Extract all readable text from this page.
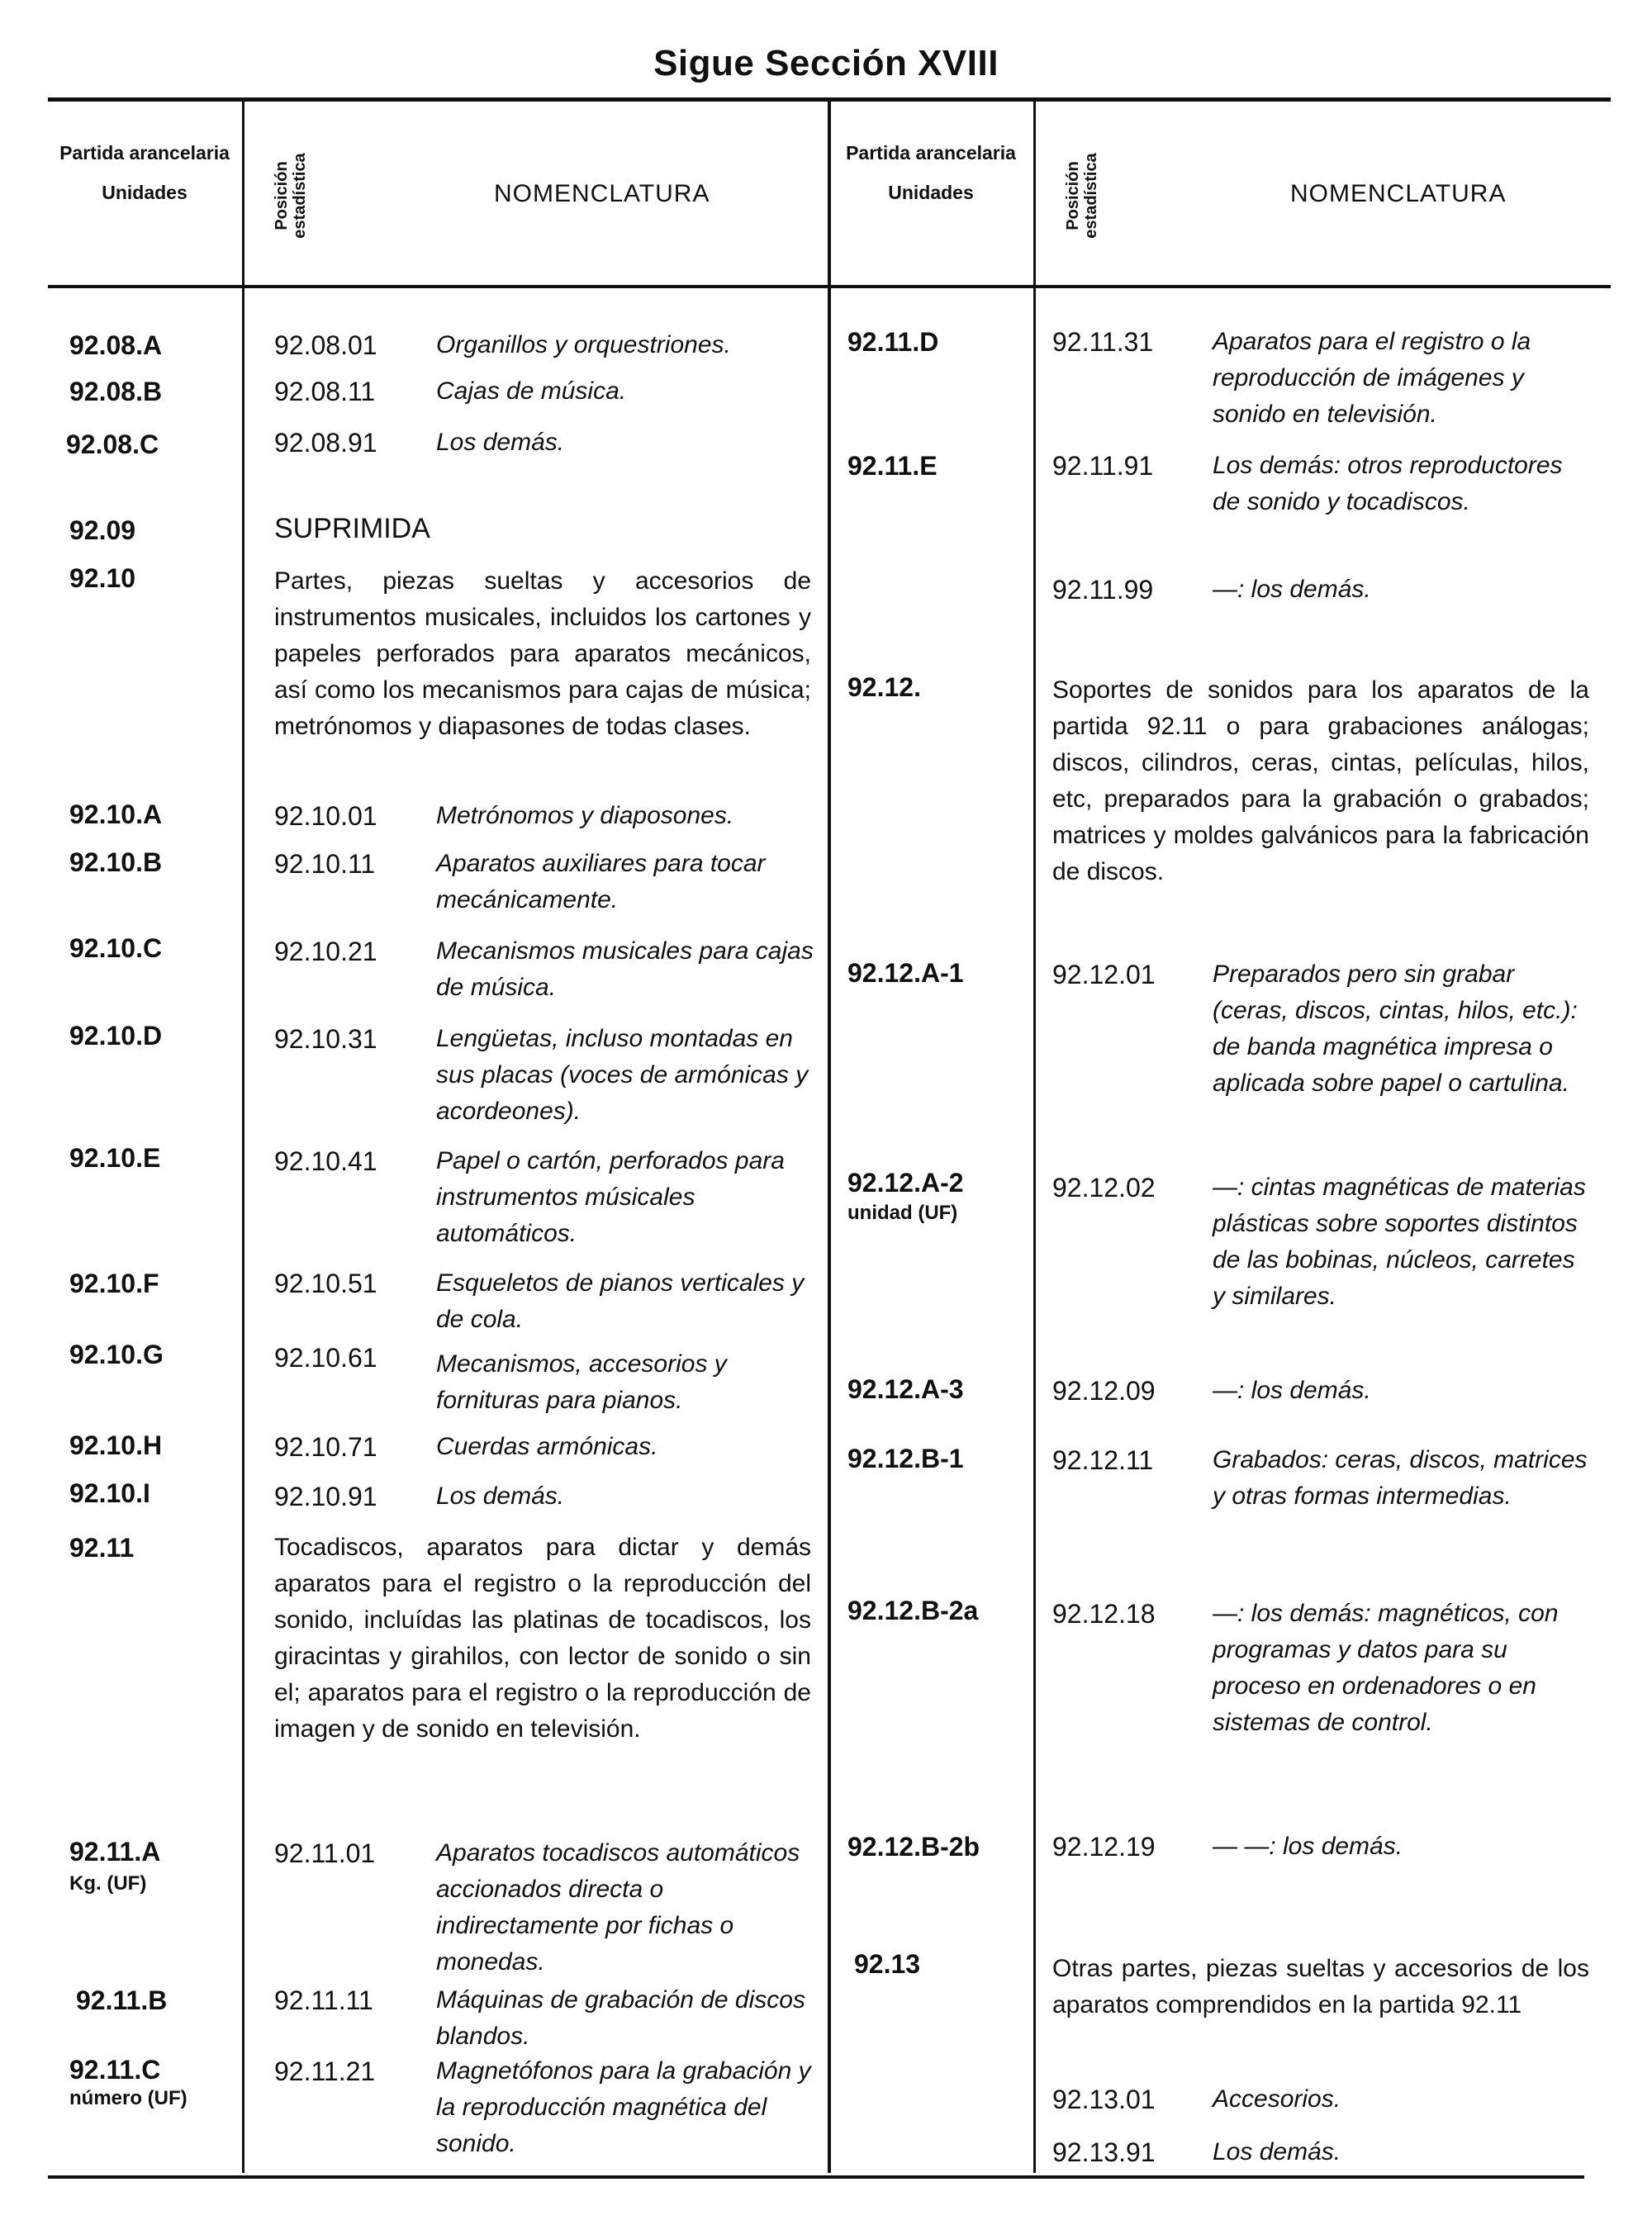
Sigue Sección XVIII
Partida arancelaria
Unidades	Posición estadística	NOMENCLATURA
Partida arancelaria
Unidades	Posición estadística	NOMENCLATURA
92.08.A	92.08.01 Organillos y orquestriones.
92.08.B	92.08.11 Cajas de música.
92.08.C	92.08.91 Los demás.
92.09	SUPRIMIDA
92.10	Partes, piezas sueltas y accesorios de instrumentos musicales, incluidos los cartones y papeles perforados para aparatos mecánicos, así como los mecanismos para cajas de música; metrónomos y diapasones de todas clases.
92.10.A	92.10.01 Metrónomos y diaposones.
92.10.B	92.10.11 Aparatos auxiliares para tocar mecánicamente.
92.10.C	92.10.21 Mecanismos musicales para cajas de música.
92.10.D	92.10.31 Lengüetas, incluso montadas en sus placas (voces de armónicas y acordeones).
92.10.E	92.10.41 Papel o cartón, perforados para instrumentos músicales automáticos.
92.10.F	92.10.51 Esqueletos de pianos verticales y de cola.
92.10.G	92.10.61 Mecanismos, accesorios y fornituras para pianos.
92.10.H	92.10.71 Cuerdas armónicas.
92.10.I	92.10.91 Los demás.
92.11	Tocadiscos, aparatos para dictar y demás aparatos para el registro o la reproducción del sonido, incluídas las platinas de tocadiscos, los giracintas y girahilos, con lector de sonido o sin el; aparatos para el registro o la reproducción de imagen y de sonido en televisión.
92.11.A
Kg. (UF)
92.11.01 Aparatos tocadiscos automáticos accionados directa o indirectamente por fichas o monedas.
92.11.B	92.11.11	Máquinas de grabación de discos blandos.
92.11.C
número (UF)
92.11.21 Magnetófonos para la grabación y la reproducción magnética del sonido.
92.11.D	92.11.31 Aparatos para el registro o la reproducción de imágenes y sonido en televisión.
92.11.E	92.11.91 Los demás: otros reproductores de sonido y tocadiscos.
92.11.99 —: los demás.
92.12.	Soportes de sonidos para los aparatos de la partida 92.11 o para grabaciones análogas; discos, cilindros, ceras, cintas, películas, hilos, etc, preparados para la grabación o grabados; matrices y moldes galvánicos para la fabricación de discos.
92.12.A-1	92.12.01 Preparados pero sin grabar (ceras, discos, cintas, hilos, etc.): de banda magnética impresa o aplicada sobre papel o cartulina.
92.12.A-2
unidad (UF)
92.12.02 —: cintas magnéticas de materias plásticas sobre soportes distintos de las bobinas, núcleos, carretes y similares.
92.12.A-3	92.12.09 —: los demás.
92.12.B-1	92.12.11 Grabados: ceras, discos, matrices y otras formas intermedias.
92.12.B-2a	92.12.18 —: los demás: magnéticos, con programas y datos para su proceso en ordenadores o en sistemas de control.
92.12.B-2b	92.12.19 — —: los demás.
92.13	Otras partes, piezas sueltas y accesorios de los aparatos comprendidos en la partida 92.11
92.13.01 Accesorios.
92.13.91 Los demás.
